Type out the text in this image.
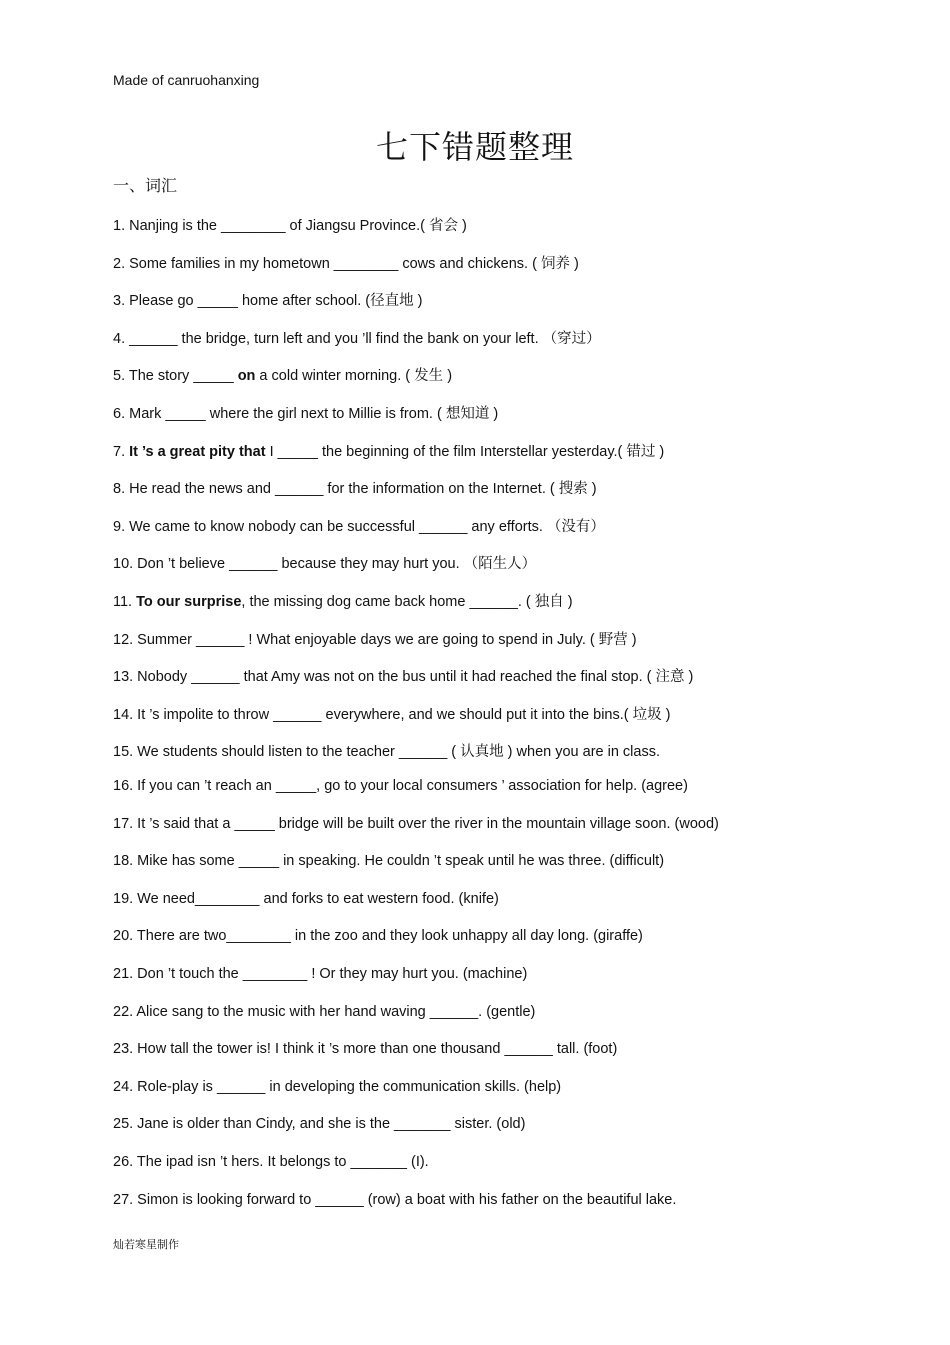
Made of canruohanxing
七下错题整理
一、词汇
1. Nanjing is the ________ of Jiangsu Province.( 省会 )
2. Some families in my hometown ________ cows and chickens. ( 饲养 )
3. Please go _____ home after school. (径直地 )
4. ______ the bridge, turn left and you ’ll find the bank on your left. （穿过）
5. The story _____ on a cold winter morning. ( 发生 )
6. Mark _____ where the girl next to Millie is from. ( 想知道 )
7. It ’s a great pity that I _____ the beginning of the film Interstellar yesterday.( 错过 )
8. He read the news and ______ for the information on the Internet. ( 搜索 )
9. We came to know nobody can be successful ______ any efforts. （没有）
10. Don ’t believe ______ because they may hurt you. （陌生人）
11. To our surprise, the missing dog came back home ______. ( 独自 )
12. Summer ______ ! What enjoyable days we are going to spend in July. ( 野营 )
13. Nobody ______ that Amy was not on the bus until it had reached the final stop. ( 注意 )
14. It ’s impolite to throw ______ everywhere, and we should put it into the bins.( 垃圾 )
15. We students should listen to the teacher ______ ( 认真地 ) when you are in class.
16. If you can ’t reach an _____, go to your local consumers ’ association for help. (agree)
17. It ’s said that a _____ bridge will be built over the river in the mountain village soon. (wood)
18. Mike has some _____ in speaking. He couldn ’t speak until he was three. (difficult)
19. We need________ and forks to eat western food. (knife)
20. There are two________ in the zoo and they look unhappy all day long. (giraffe)
21. Don ’t touch the ________ ! Or they may hurt you. (machine)
22. Alice sang to the music with her hand waving ______. (gentle)
23. How tall the tower is! I think it ’s more than one thousand ______ tall. (foot)
24. Role-play is ______ in developing the communication skills. (help)
25. Jane is older than Cindy, and she is the _______ sister. (old)
26. The ipad isn ’t hers. It belongs to _______ (I).
27. Simon is looking forward to ______ (row) a boat with his father on the beautiful lake.
灿若寒星制作
